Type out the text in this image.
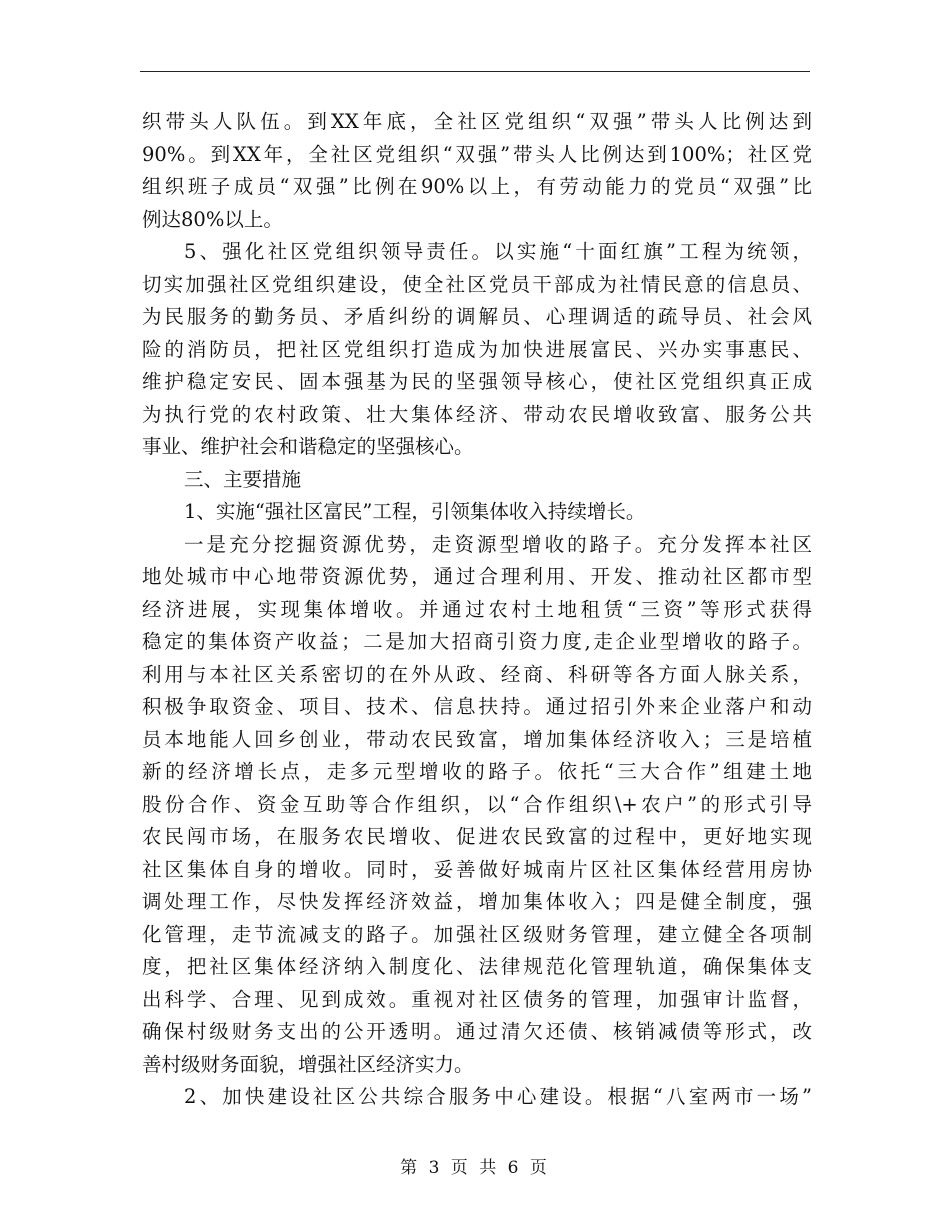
织带头人队伍。到XX年底，全社区党组织“双强”带头人比例达到
90%。到XX年，全社区党组织“双强”带头人比例达到100%；社区党
组织班子成员“双强”比例在90%以上，有劳动能力的党员“双强”比
例达80%以上。
5、强化社区党组织领导责任。以实施“十面红旗”工程为统领，
切实加强社区党组织建设，使全社区党员干部成为社情民意的信息员、
为民服务的勤务员、矛盾纠纷的调解员、心理调适的疏导员、社会风
险的消防员，把社区党组织打造成为加快进展富民、兴办实事惠民、
维护稳定安民、固本强基为民的坚强领导核心，使社区党组织真正成
为执行党的农村政策、壮大集体经济、带动农民增收致富、服务公共
事业、维护社会和谐稳定的坚强核心。
三、主要措施
1、实施“强社区富民”工程，引领集体收入持续增长。
一是充分挖掘资源优势，走资源型增收的路子。充分发挥本社区
地处城市中心地带资源优势，通过合理利用、开发、推动社区都市型
经济进展，实现集体增收。并通过农村土地租赁“三资”等形式获得
稳定的集体资产收益；二是加大招商引资力度,走企业型增收的路子。
利用与本社区关系密切的在外从政、经商、科研等各方面人脉关系，
积极争取资金、项目、技术、信息扶持。通过招引外来企业落户和动
员本地能人回乡创业，带动农民致富，增加集体经济收入；三是培植
新的经济增长点，走多元型增收的路子。依托“三大合作”组建土地
股份合作、资金互助等合作组织，以“合作组织\+农户”的形式引导
农民闯市场，在服务农民增收、促进农民致富的过程中，更好地实现
社区集体自身的增收。同时，妥善做好城南片区社区集体经营用房协
调处理工作，尽快发挥经济效益，增加集体收入；四是健全制度，强
化管理，走节流减支的路子。加强社区级财务管理，建立健全各项制
度，把社区集体经济纳入制度化、法律规范化管理轨道，确保集体支
出科学、合理、见到成效。重视对社区债务的管理，加强审计监督，
确保村级财务支出的公开透明。通过清欠还债、核销减债等形式，改
善村级财务面貌，增强社区经济实力。
2、加快建设社区公共综合服务中心建设。根据“八室两市一场”
第 3 页 共 6 页
